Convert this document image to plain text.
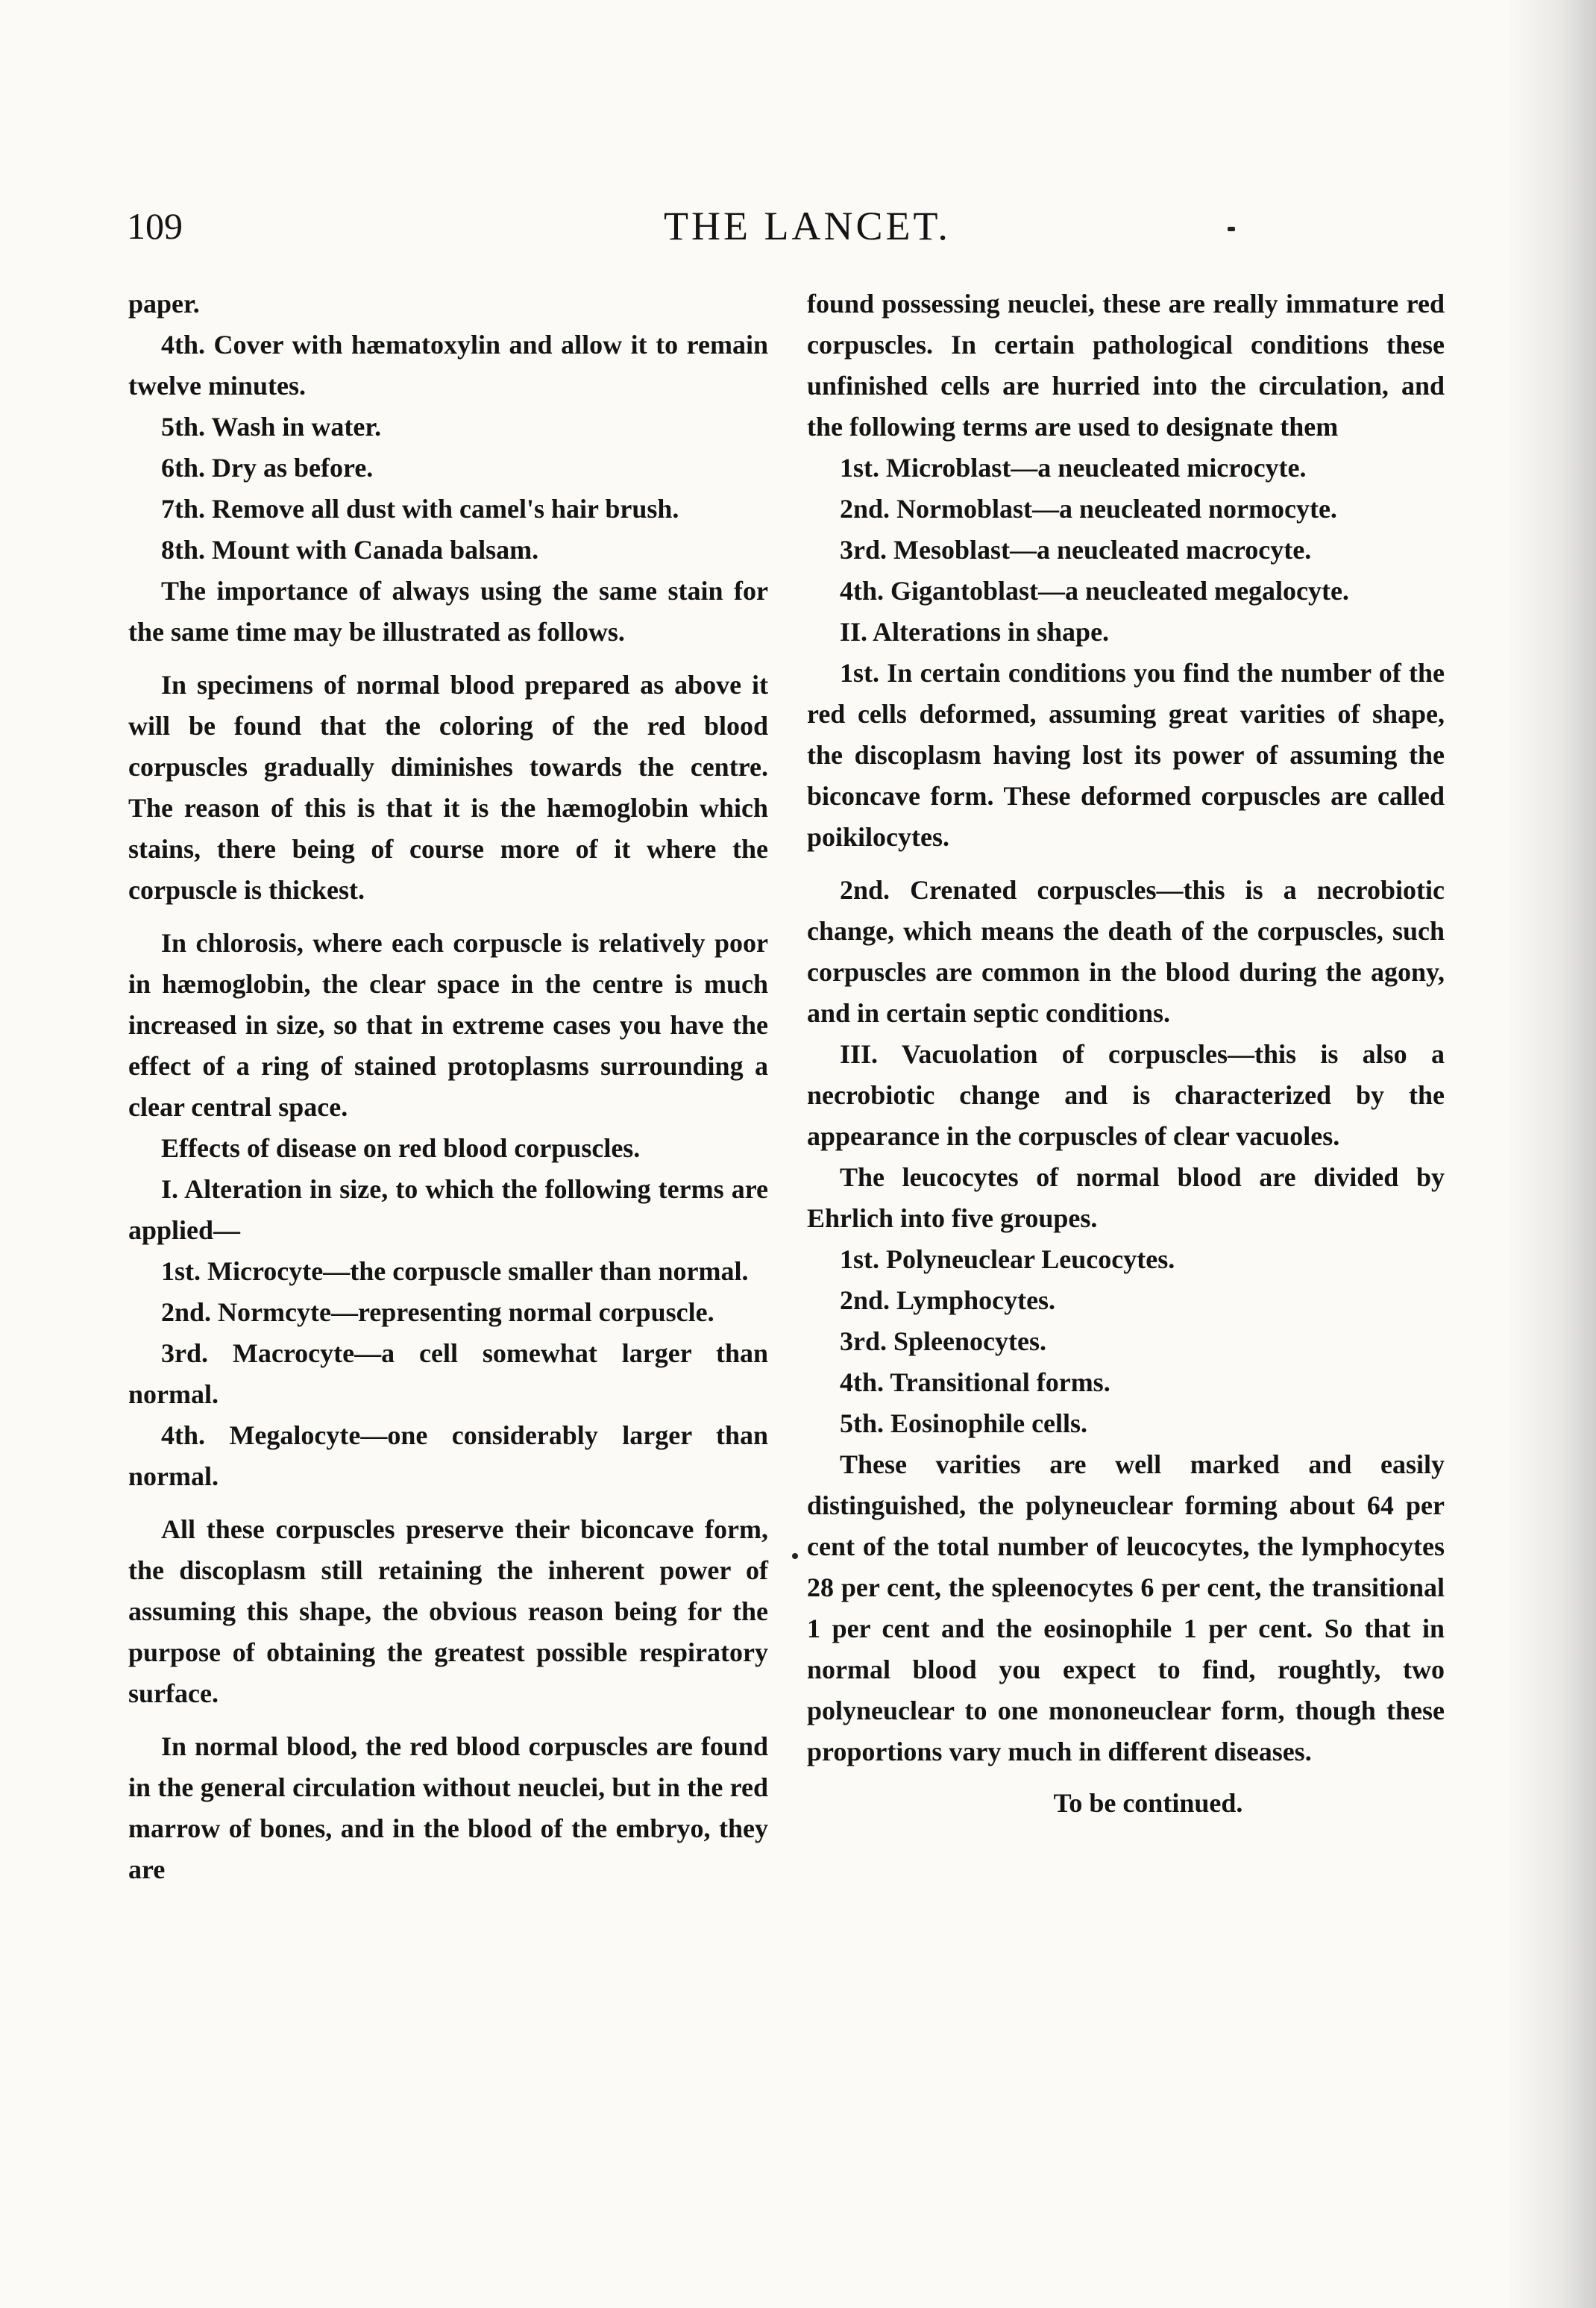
109	THE LANCET.

paper.

4th. Cover with hæmatoxylin and allow it to remain twelve minutes.

5th. Wash in water.

6th. Dry as before.

7th. Remove all dust with camel's hair brush.

8th. Mount with Canada balsam.

The importance of always using the same stain for the same time may be illustrated as follows.

In specimens of normal blood prepared as above it will be found that the coloring of the red blood corpuscles gradually diminishes towards the centre. The reason of this is that it is the hæmoglobin which stains, there being of course more of it where the corpuscle is thickest.

In chlorosis, where each corpuscle is relatively poor in hæmoglobin, the clear space in the centre is much increased in size, so that in extreme cases you have the effect of a ring of stained protoplasms surrounding a clear central space.

Effects of disease on red blood corpuscles.

I. Alteration in size, to which the following terms are applied—

1st. Microcyte—the corpuscle smaller than normal.

2nd. Normcyte—representing normal corpuscle.

3rd. Macrocyte—a cell somewhat larger than normal.

4th. Megalocyte—one considerably larger than normal.

All these corpuscles preserve their biconcave form, the discoplasm still retaining the inherent power of assuming this shape, the obvious reason being for the purpose of obtaining the greatest possible respiratory surface.

In normal blood, the red blood corpuscles are found in the general circulation without neuclei, but in the red marrow of bones, and in the blood of the embryo, they are

found possessing neuclei, these are really immature red corpuscles. In certain pathological conditions these unfinished cells are hurried into the circulation, and the following terms are used to designate them

1st. Microblast—a neucleated microcyte.

2nd. Normoblast—a neucleated normocyte.

3rd. Mesoblast—a neucleated macrocyte.

4th. Gigantoblast—a neucleated megalocyte.

II. Alterations in shape.

1st. In certain conditions you find the number of the red cells deformed, assuming great varities of shape, the discoplasm having lost its power of assuming the biconcave form. These deformed corpuscles are called poikilocytes.

2nd. Crenated corpuscles—this is a necrobiotic change, which means the death of the corpuscles, such corpuscles are common in the blood during the agony, and in certain septic conditions.

III. Vacuolation of corpuscles—this is also a necrobiotic change and is characterized by the appearance in the corpuscles of clear vacuoles.

The leucocytes of normal blood are divided by Ehrlich into five groupes.

1st. Polyneuclear Leucocytes.

2nd. Lymphocytes.

3rd. Spleenocytes.

4th. Transitional forms.

5th. Eosinophile cells.

These varities are well marked and easily distinguished, the polyneuclear forming about 64 per cent of the total number of leucocytes, the lymphocytes 28 per cent, the spleenocytes 6 per cent, the transitional 1 per cent and the eosinophile 1 per cent. So that in normal blood you expect to find, roughtly, two polyneuclear to one mononeuclear form, though these proportions vary much in different diseases.

To be continued.
